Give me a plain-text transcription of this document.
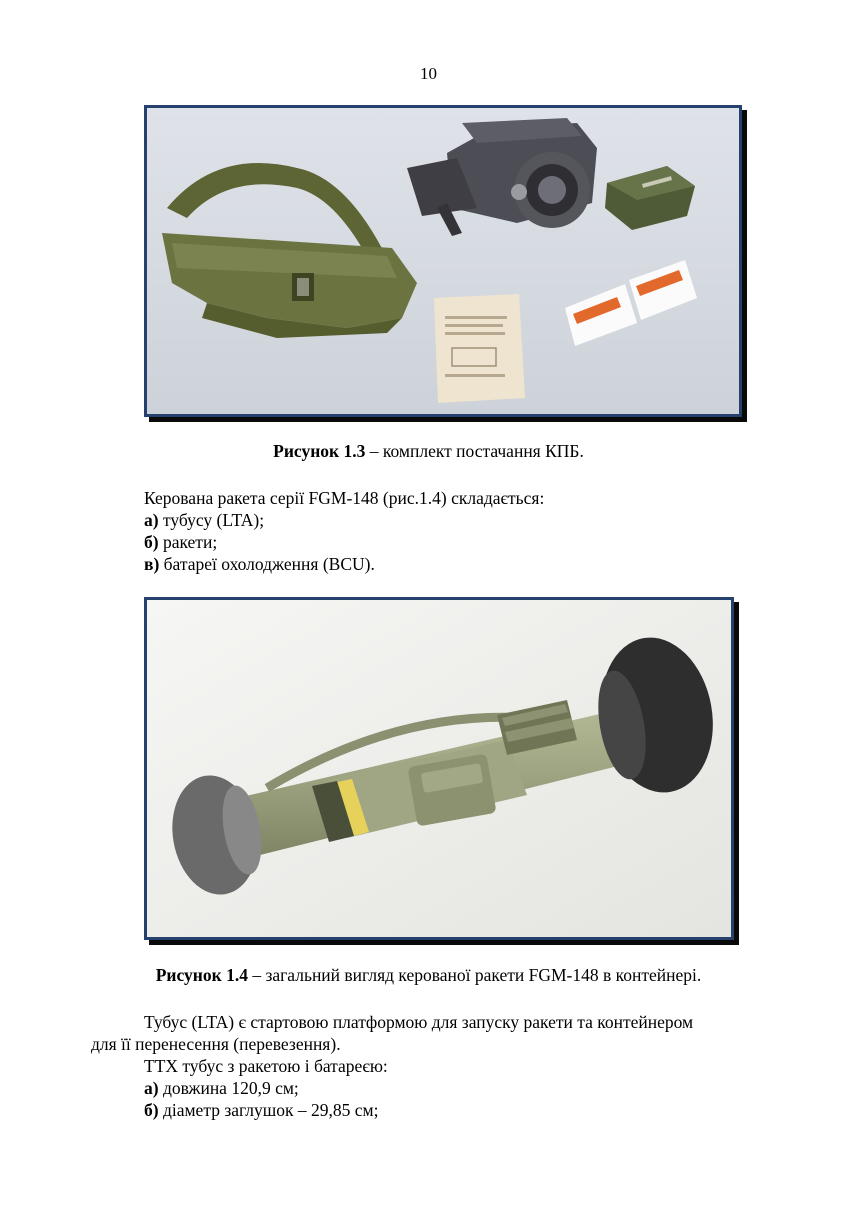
10
Рисунок 1.3 – комплект постачання КПБ.
Керована ракета серії FGM-148 (рис.1.4) складається:
а) тубусу (LTA);
б) ракети;
в) батареї охолодження (BCU).
Рисунок 1.4 – загальний вигляд керованої ракети FGM-148 в контейнері.
Тубус (LTA) є стартовою платформою для запуску ракети та контейнером
для її перенесення (перевезення).
ТТХ тубус з ракетою і батареєю:
а) довжина 120,9 см;
б) діаметр заглушок – 29,85 см;
